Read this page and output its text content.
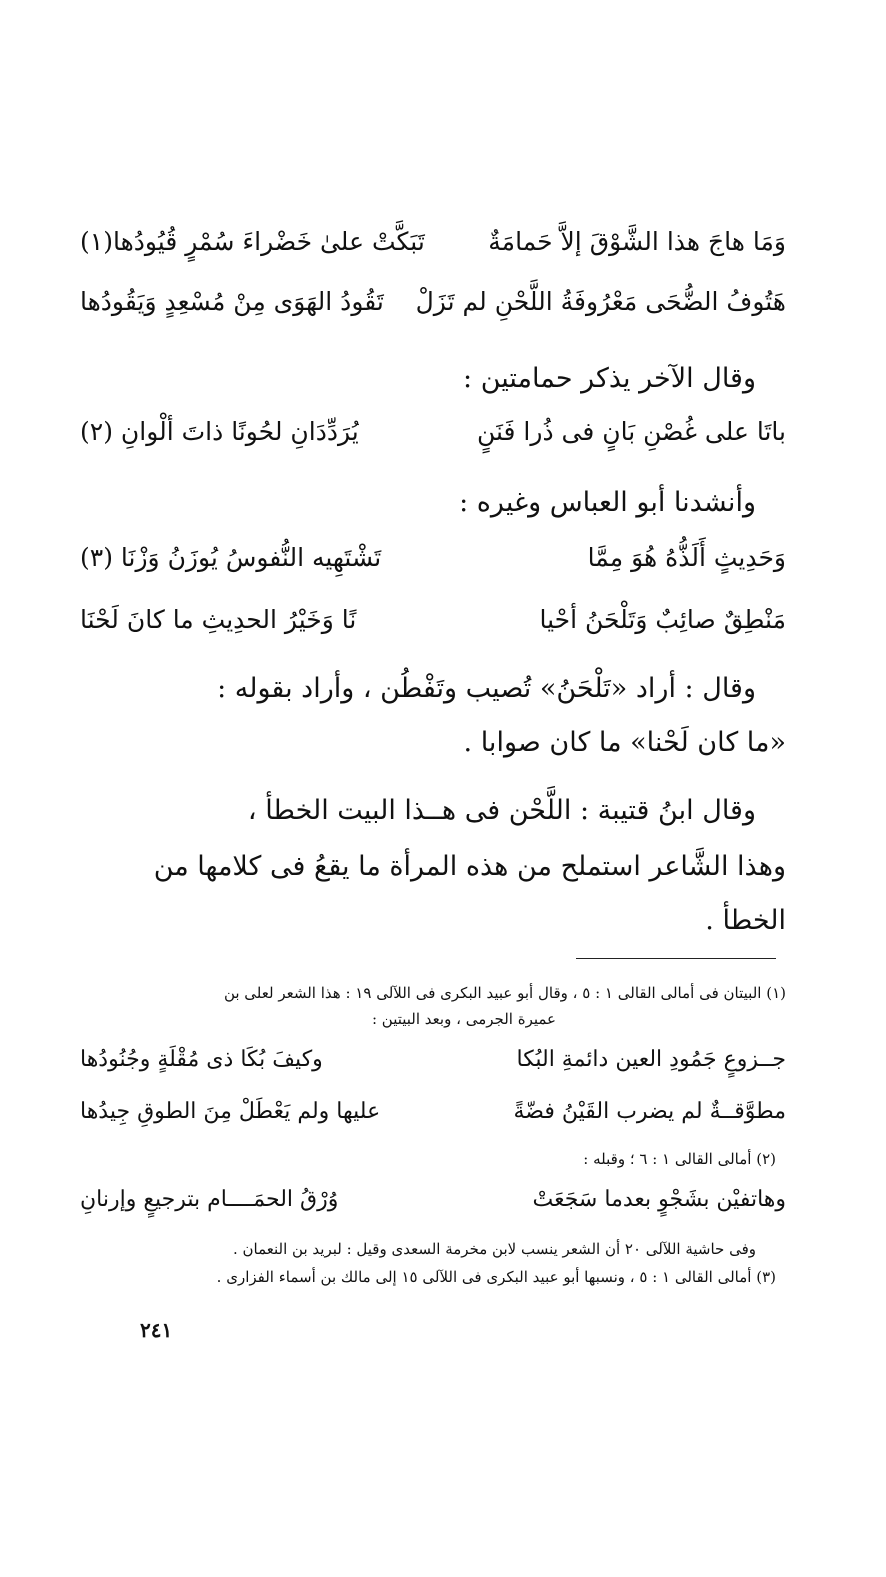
وَمَا هاجَ هذا الشَّوْقَ إلاَّ حَمامَةٌ
تَبَكَّتْ علىٰ خَضْراءَ سُمْرٍ قُيُودُها(١)
هَتُوفُ الضُّحَى مَعْرُوفَةُ اللَّحْنِ لم تَزَلْ
تَقُودُ الهَوَى مِنْ مُسْعِدٍ وَيَقُودُها
وقال الآخر يذكر حمامتين :
باتَا على غُصْنِ بَانٍ فى ذُرا فَنَنٍ
يُرَدِّدَانِ لحُونًا ذاتَ ألْوانِ (٢)
وأنشدنا أبو العباس وغيره :
وَحَدِيثٍ أَلَذُّهُ هُوَ مِمَّا
تَشْتَهِيه النُّفوسُ يُوزَنُ وَزْنَا (٣)
مَنْطِقٌ صائِبٌ وَتَلْحَنُ أحْيا
نًا وَخَيْرُ الحدِيثِ ما كانَ لَحْنَا
وقال : أراد «تَلْحَنُ» تُصيب وتَفْطُن ، وأراد بقوله :
«ما كان لَحْنا» ما كان صوابا .
وقال ابنُ قتيبة : اللَّحْن فى هــذا البيت الخطأ ،
وهذا الشَّاعر استملح من هذه المرأة ما يقعُ فى كلامها من
الخطأ .
(١) البيتان فى أمالى القالى ١ : ٥ ، وقال أبو عبيد البكرى فى اللآلى ١٩ : هذا الشعر لعلى بن
عميرة الجرمى ، وبعد البيتين :
جــزوعٍ جَمُودِ العين دائمةِ البُكا
وكيفَ بُكَا ذى مُقْلَةٍ وجُنُودُها
مطوَّقــةٌ لم يضرب القَيْنُ فضّةً
عليها ولم يَعْطَلْ مِنَ الطوقِ جِيدُها
(٢) أمالى القالى ١ : ٦ ؛ وقبله :
وهاتفيْن بشَجْوٍ بعدما سَجَعَتْ
وُرْقُ الحمَــــام بترجيعٍ وإرنانِ
وفى حاشية اللآلى ٢٠ أن الشعر ينسب لابن مخرمة السعدى وقيل : لبريد بن النعمان .
(٣) أمالى القالى ١ : ٥ ، ونسبها أبو عبيد البكرى فى اللآلى ١٥ إلى مالك بن أسماء الفزارى .
٢٤١
